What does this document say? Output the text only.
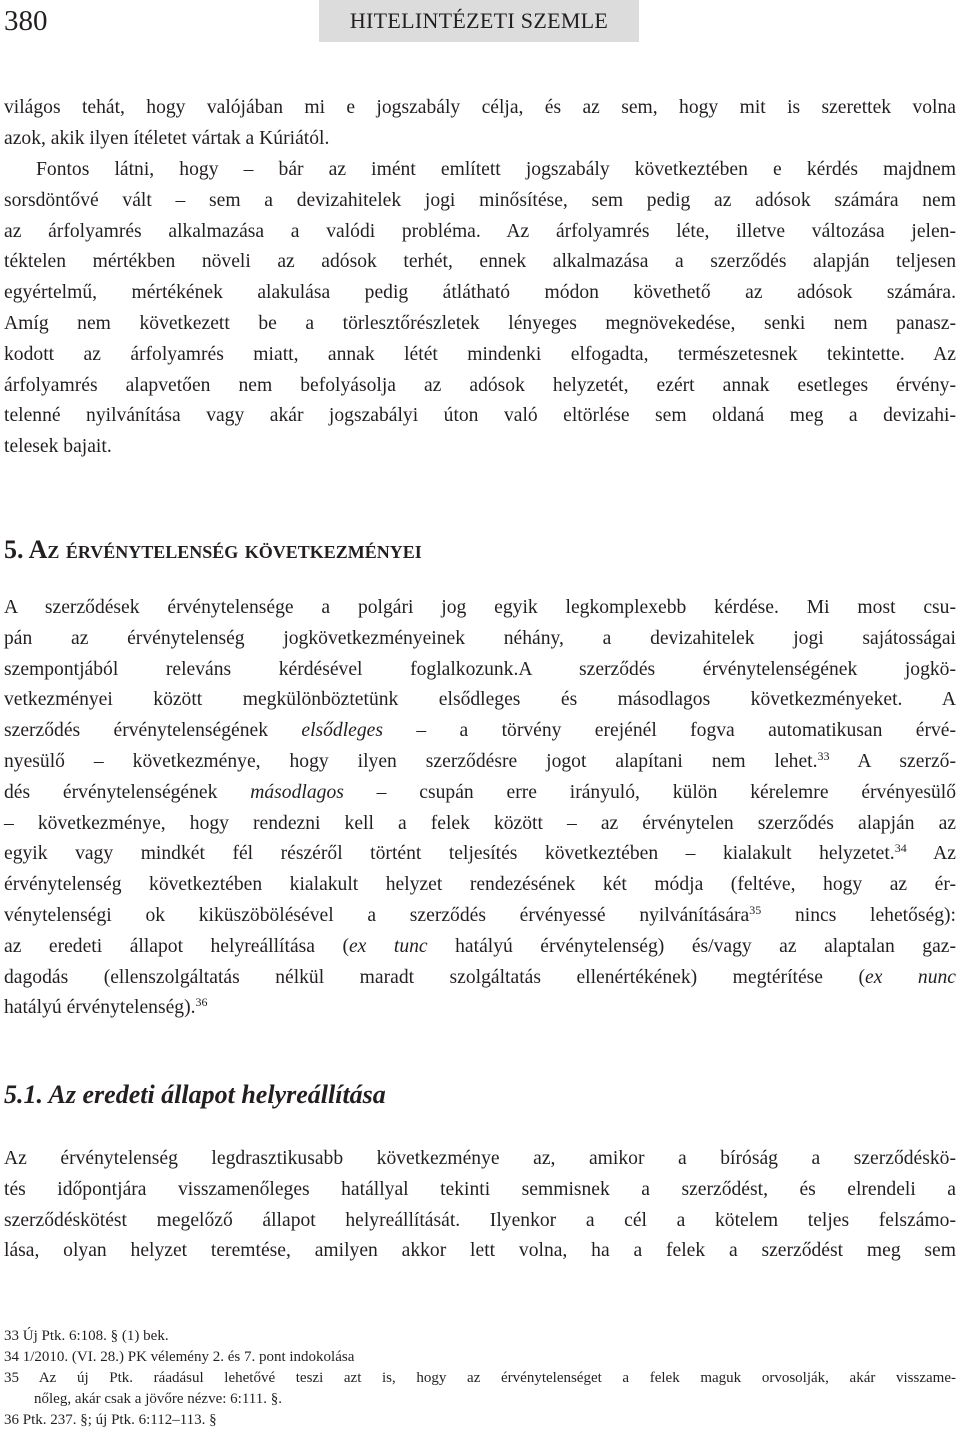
380	HITELINTÉZETI SZEMLE
világos tehát, hogy valójában mi e jogszabály célja, és az sem, hogy mit is szerettek volna
azok, akik ilyen ítéletet vártak a Kúriától.
Fontos látni, hogy – bár az imént említett jogszabály következtében e kérdés majdnem
sorsdöntővé vált – sem a devizahitelek jogi minősítése, sem pedig az adósok számára nem
az árfolyamrés alkalmazása a valódi probléma. Az árfolyamrés léte, illetve változása jelen-
téktelen mértékben növeli az adósok terhét, ennek alkalmazása a szerződés alapján teljesen
egyértelmű, mértékének alakulása pedig átlátható módon követhető az adósok számára.
Amíg nem következett be a törlesztőrészletek lényeges megnövekedése, senki nem panasz-
kodott az árfolyamrés miatt, annak létét mindenki elfogadta, természetesnek tekintette. Az
árfolyamrés alapvetően nem befolyásolja az adósok helyzetét, ezért annak esetleges érvény-
telenné nyilvánítása vagy akár jogszabályi úton való eltörlése sem oldaná meg a devizahi-
telesek bajait.
5. Az érvénytelenség következményei
A szerződések érvénytelensége a polgári jog egyik legkomplexebb kérdése. Mi most csu-
pán az érvénytelenség jogkövetkezményeinek néhány, a devizahitelek jogi sajátosságai
szempontjából releváns kérdésével foglalkozunk.A szerződés érvénytelenségének jogkö-
vetkezményei között megkülönböztetünk elsődleges és másodlagos következményeket. A
szerződés érvénytelenségének elsődleges – a törvény erejénél fogva automatikusan érvé-
nyesülő – következménye, hogy ilyen szerződésre jogot alapítani nem lehet.$^{33}$ A szerző-
dés érvénytelenségének másodlagos – csupán erre irányuló, külön kérelemre érvényesülő
– következménye, hogy rendezni kell a felek között – az érvénytelen szerződés alapján az
egyik vagy mindkét fél részéről történt teljesítés következtében – kialakult helyzetet.$^{34}$ Az
érvénytelenség következtében kialakult helyzet rendezésének két módja (feltéve, hogy az ér-
vénytelenségi ok kiküszöbölésével a szerződés érvényessé nyilvánítására$^{35}$ nincs lehetőség):
az eredeti állapot helyreállítása (ex tunc hatályú érvénytelenség) és/vagy az alaptalan gaz-
dagodás (ellenszolgáltatás nélkül maradt szolgáltatás ellenértékének) megtérítése (ex nunc
hatályú érvénytelenség).$^{36}$
5.1. Az eredeti állapot helyreállítása
Az érvénytelenség legdrasztikusabb következménye az, amikor a bíróság a szerződéskö-
tés időpontjára visszamenőleges hatállyal tekinti semmisnek a szerződést, és elrendeli a
szerződéskötést megelőző állapot helyreállítását. Ilyenkor a cél a kötelem teljes felszámo-
lása, olyan helyzet teremtése, amilyen akkor lett volna, ha a felek a szerződést meg sem
33 Új Ptk. 6:108. § (1) bek.
34 1/2010. (VI. 28.) PK vélemény 2. és 7. pont indokolása
35 Az új Ptk. ráadásul lehetővé teszi azt is, hogy az érvénytelenséget a felek maguk orvosolják, akár visszame-
nőleg, akár csak a jövőre nézve: 6:111. §.
36 Ptk. 237. §; új Ptk. 6:112–113. §
